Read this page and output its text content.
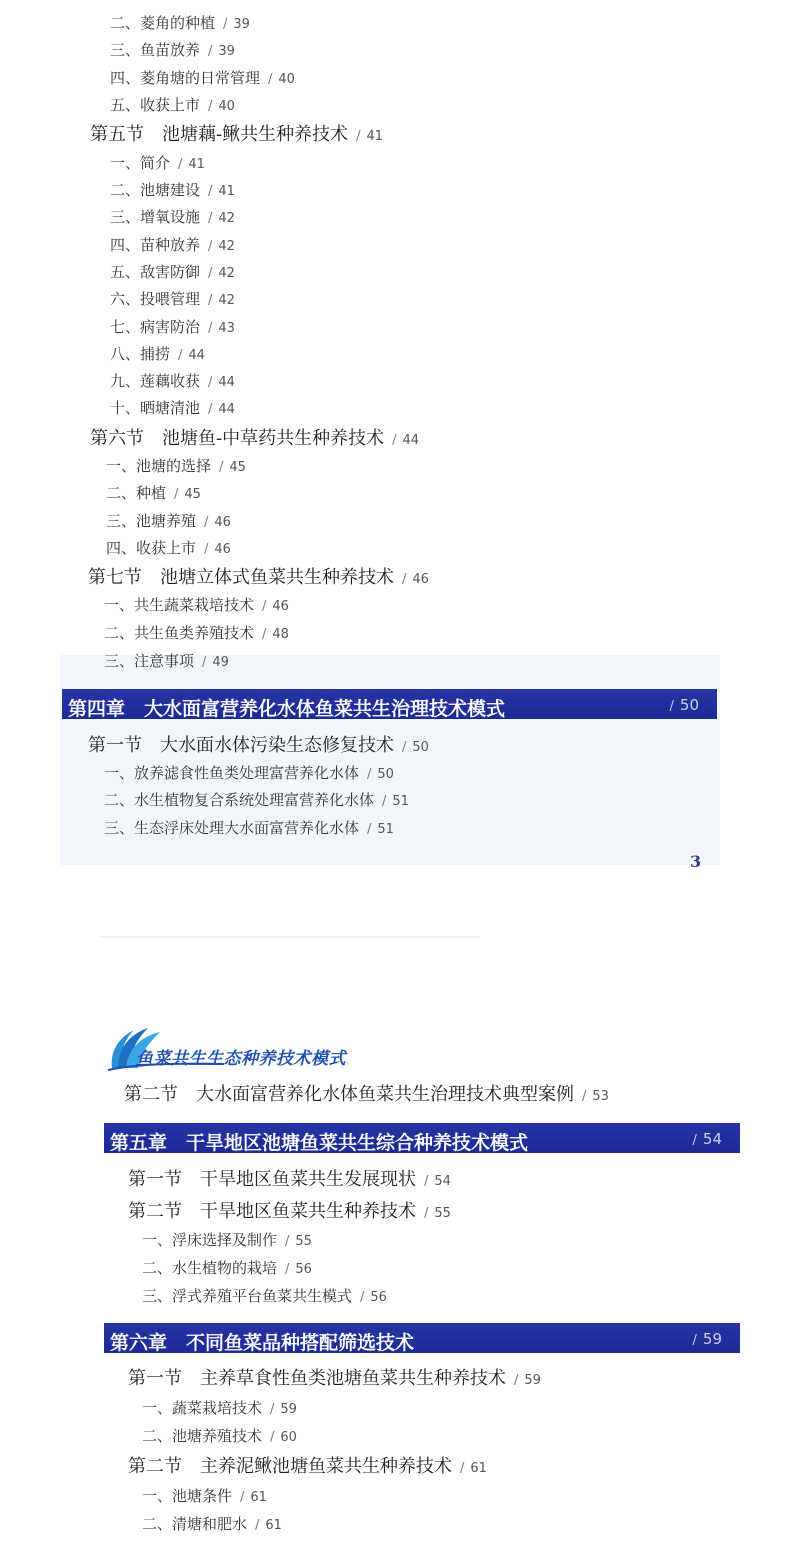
二、菱角的种植 / 39
三、鱼苗放养 / 39
四、菱角塘的日常管理 / 40
五、收获上市 / 40
第五节　池塘藕-鳅共生种养技术 / 41
一、简介 / 41
二、池塘建设 / 41
三、增氧设施 / 42
四、苗种放养 / 42
五、敌害防御 / 42
六、投喂管理 / 42
七、病害防治 / 43
八、捕捞 / 44
九、莲藕收获 / 44
十、晒塘清池 / 44
第六节　池塘鱼-中草药共生种养技术 / 44
一、池塘的选择 / 45
二、种植 / 45
三、池塘养殖 / 46
四、收获上市 / 46
第七节　池塘立体式鱼菜共生种养技术 / 46
一、共生蔬菜栽培技术 / 46
二、共生鱼类养殖技术 / 48
三、注意事项 / 49
第四章　大水面富营养化水体鱼菜共生治理技术模式	/ 50
第一节　大水面水体污染生态修复技术 / 50
一、放养滤食性鱼类处理富营养化水体 / 50
二、水生植物复合系统处理富营养化水体 / 51
三、生态浮床处理大水面富营养化水体 / 51
3
鱼菜共生生态种养技术模式
第二节　大水面富营养化水体鱼菜共生治理技术典型案例 / 53
第五章　干旱地区池塘鱼菜共生综合种养技术模式	/ 54
第一节　干旱地区鱼菜共生发展现状 / 54
第二节　干旱地区鱼菜共生种养技术 / 55
一、浮床选择及制作 / 55
二、水生植物的栽培 / 56
三、浮式养殖平台鱼菜共生模式 / 56
第六章　不同鱼菜品种搭配筛选技术	/ 59
第一节　主养草食性鱼类池塘鱼菜共生种养技术 / 59
一、蔬菜栽培技术 / 59
二、池塘养殖技术 / 60
第二节　主养泥鳅池塘鱼菜共生种养技术 / 61
一、池塘条件 / 61
二、清塘和肥水 / 61
